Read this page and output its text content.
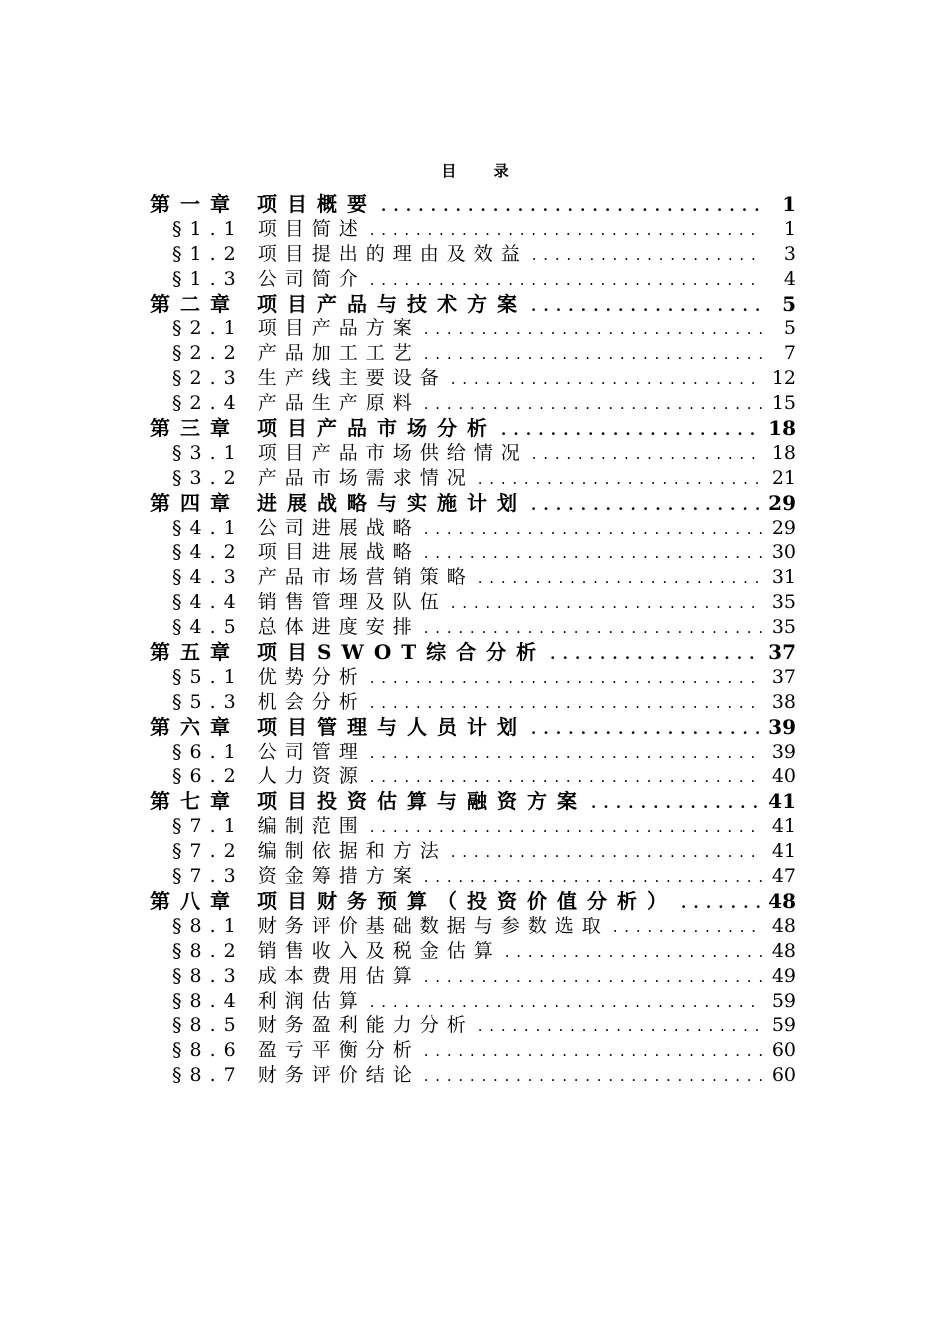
目 录
第一章 项目概要 . . .	1
§1.1 项目简述 . . .	1
§1.2 项目提出的理由及效益 . . .	3
§1.3 公司简介 . . .	4
第二章 项目产品与技术方案 . . .	5
§2.1 项目产品方案 . . .	5
§2.2 产品加工工艺 . . .	7
§2.3 生产线主要设备 . . .	12
§2.4 产品生产原料 . . .	15
第三章 项目产品市场分析 . . .	18
§3.1 项目产品市场供给情况 . . .	18
§3.2 产品市场需求情况 . . .	21
第四章 进展战略与实施计划 . . .	29
§4.1 公司进展战略 . . .	29
§4.2 项目进展战略 . . .	30
§4.3 产品市场营销策略 . . .	31
§4.4 销售管理及队伍 . . .	35
§4.5 总体进度安排 . . .	35
第五章 项目SWOT综合分析 . . .	37
§5.1 优势分析 . . .	37
§5.3 机会分析 . . .	38
第六章 项目管理与人员计划 . . .	39
§6.1 公司管理 . . .	39
§6.2 人力资源 . . .	40
第七章 项目投资估算与融资方案 . . .	41
§7.1 编制范围 . . .	41
§7.2 编制依据和方法 . . .	41
§7.3 资金筹措方案 . . .	47
第八章 项目财务预算（投资价值分析） . . .	48
§8.1 财务评价基础数据与参数选取 . . .	48
§8.2 销售收入及税金估算 . . .	48
§8.3 成本费用估算 . . .	49
§8.4 利润估算 . . .	59
§8.5 财务盈利能力分析 . . .	59
§8.6 盈亏平衡分析 . . .	60
§8.7 财务评价结论 . . .	60
